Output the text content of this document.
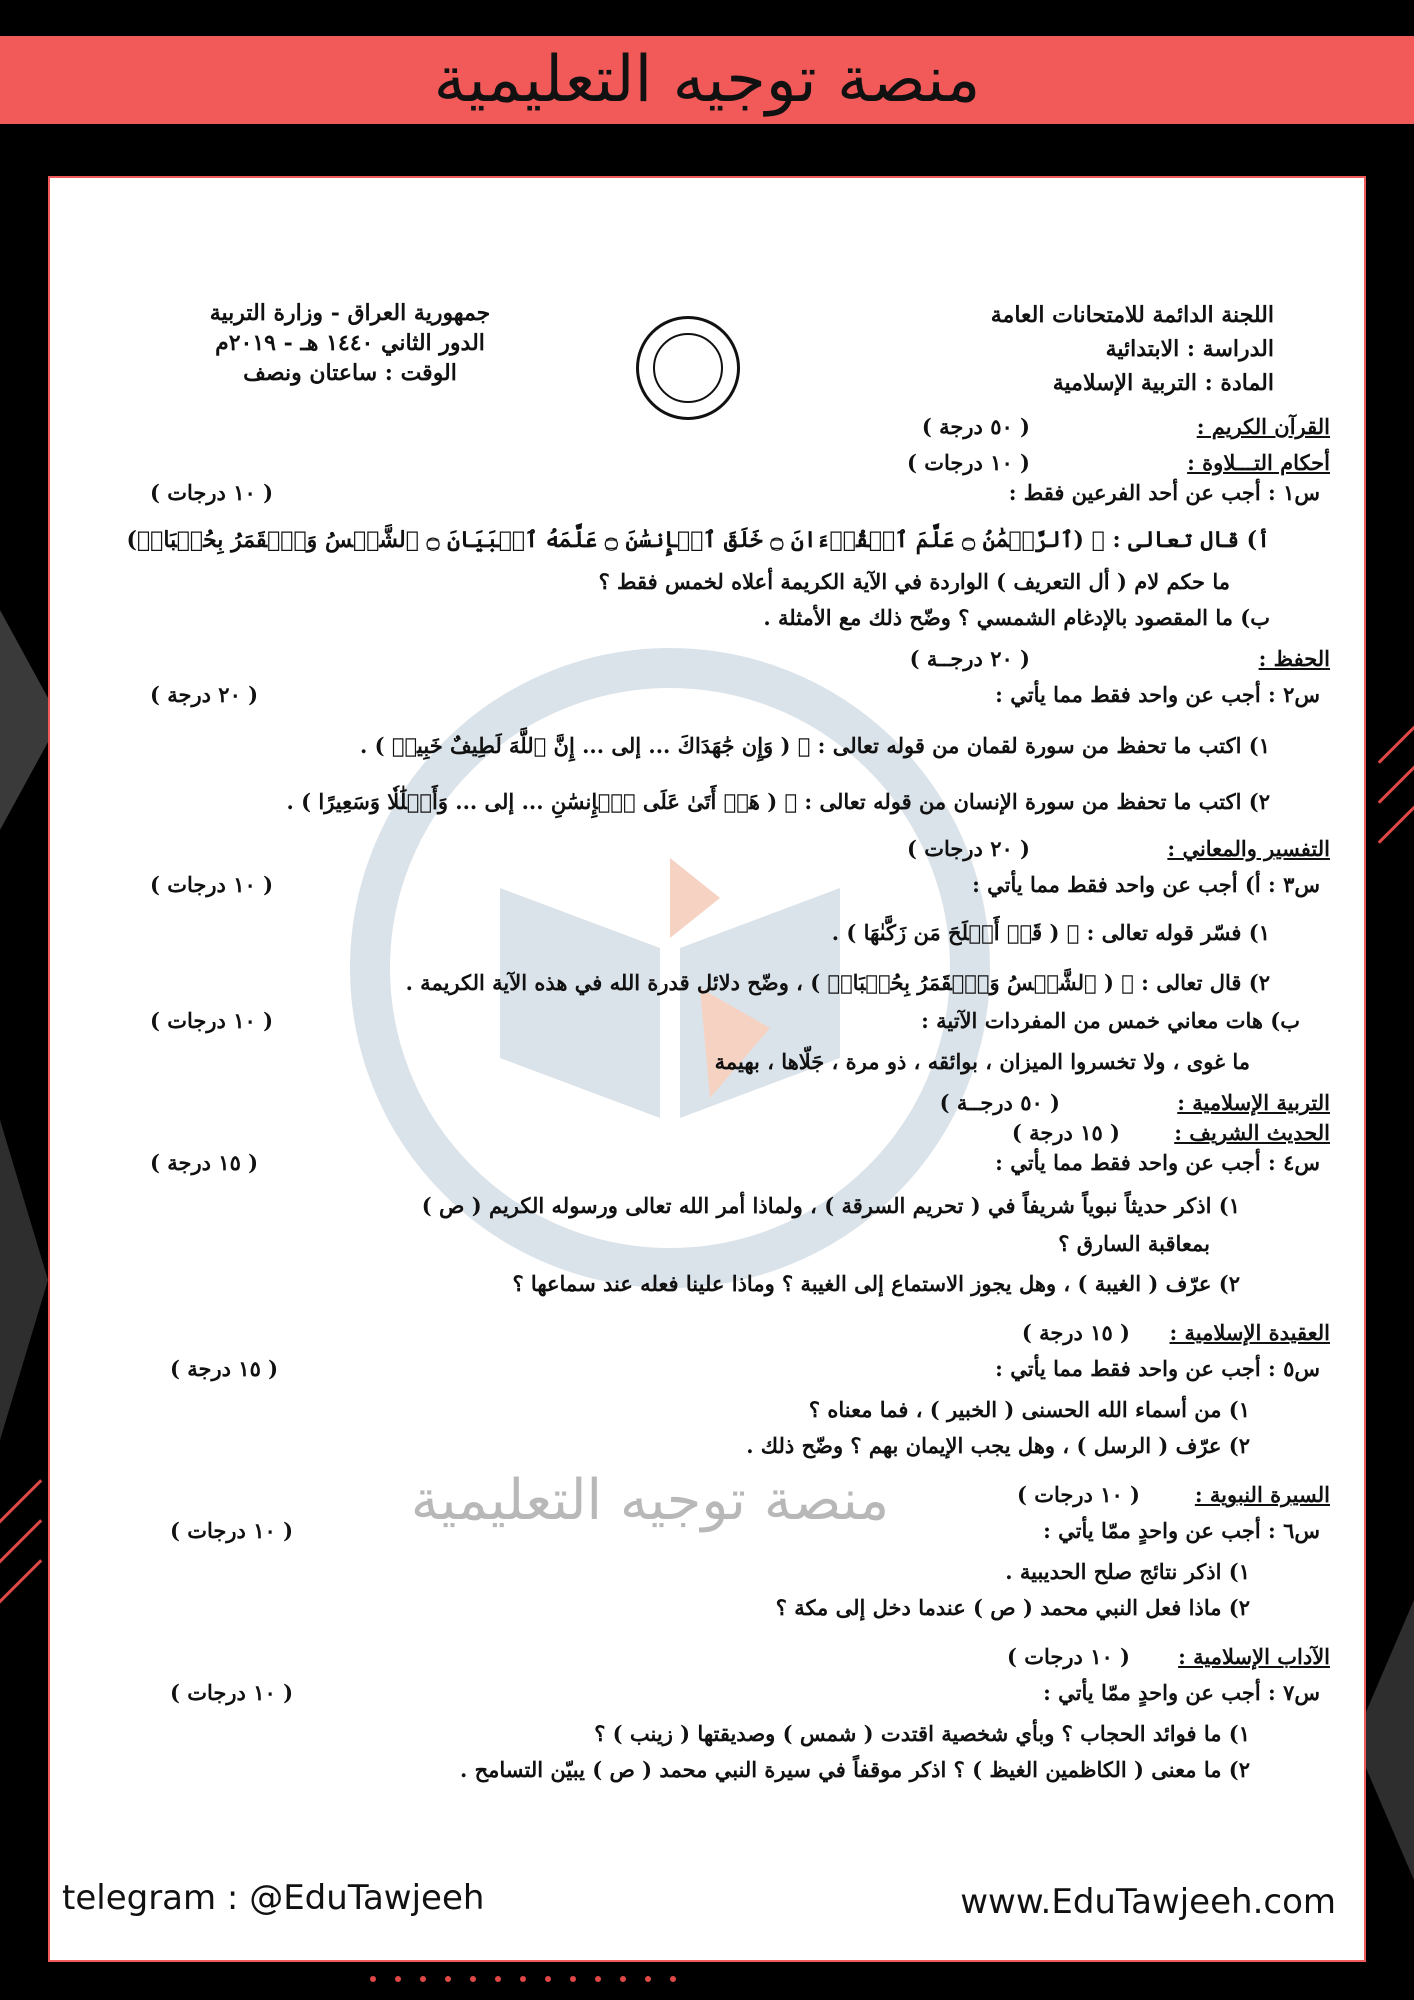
منصة توجيه التعليمية
منصة توجيه التعليمية
اللجنة الدائمة للامتحانات العامة
الدراسة : الابتدائية
المادة : التربية الإسلامية
جمهورية العراق - وزارة التربية
الدور الثاني ١٤٤٠ هـ - ٢٠١٩م
الوقت : ساعتان ونصف
القرآن الكريم :
( ٥٠ درجة )
أحكام التـــلاوة :
( ١٠ درجات )
س١ : أجب عن أحد الفرعين فقط :
( ١٠ درجات )
أ) قال تعالى : ﷽ (ٱلرَّحۡمَٰنُ ۝ عَلَّمَ ٱلۡقُرۡءَانَ ۝ خَلَقَ ٱلۡإِنسَٰنَ ۝ عَلَّمَهُ ٱلۡبَيَانَ ۝ ٱلشَّمۡسُ وَٱلۡقَمَرُ بِحُسۡبَانٖ)
ما حكم لام ( أل التعريف ) الواردة في الآية الكريمة أعلاه لخمس فقط ؟
ب) ما المقصود بالإدغام الشمسي ؟ وضّح ذلك مع الأمثلة .
الحفظ :
( ٢٠ درجــة )
س٢ : أجب عن واحد فقط مما يأتي :
( ٢٠ درجة )
١) اكتب ما تحفظ من سورة لقمان من قوله تعالى : ﷽ ( وَإِن جَٰهَدَاكَ ... إلى ... إِنَّ ٱللَّهَ لَطِيفٌ خَبِيرٞ ) .
٢) اكتب ما تحفظ من سورة الإنسان من قوله تعالى : ﷽ ( هَلۡ أَتَىٰ عَلَى ٱلۡإِنسَٰنِ ... إلى ... وَأَغۡلَٰلٗا وَسَعِيرًا ) .
التفسير والمعاني :
( ٢٠ درجات )
س٣ : أ) أجب عن واحد فقط مما يأتي :
( ١٠ درجات )
١) فسّر قوله تعالى : ﷽ ( قَدۡ أَفۡلَحَ مَن زَكَّىٰهَا ) .
٢) قال تعالى : ﷽ ( ٱلشَّمۡسُ وَٱلۡقَمَرُ بِحُسۡبَانٖ ) ، وضّح دلائل قدرة الله في هذه الآية الكريمة .
ب) هات معاني خمس من المفردات الآتية :
( ١٠ درجات )
ما غوى ، ولا تخسروا الميزان ، بوائقه ، ذو مرة ، جَلّاها ، بهيمة
التربية الإسلامية :
( ٥٠ درجــة )
الحديث الشريف :
( ١٥ درجة )
س٤ : أجب عن واحد فقط مما يأتي :
( ١٥ درجة )
١) اذكر حديثاً نبوياً شريفاً في ( تحريم السرقة ) ، ولماذا أمر الله تعالى ورسوله الكريم ( ص )
بمعاقبة السارق ؟
٢) عرّف ( الغيبة ) ، وهل يجوز الاستماع إلى الغيبة ؟ وماذا علينا فعله عند سماعها ؟
العقيدة الإسلامية :
( ١٥ درجة )
س٥ : أجب عن واحد فقط مما يأتي :
( ١٥ درجة )
١) من أسماء الله الحسنى ( الخبير ) ، فما معناه ؟
٢) عرّف ( الرسل ) ، وهل يجب الإيمان بهم ؟ وضّح ذلك .
السيرة النبوية :
( ١٠ درجات )
س٦ : أجب عن واحدٍ ممّا يأتي :
( ١٠ درجات )
١) اذكر نتائج صلح الحديبية .
٢) ماذا فعل النبي محمد ( ص ) عندما دخل إلى مكة ؟
الآداب الإسلامية :
( ١٠ درجات )
س٧ : أجب عن واحدٍ ممّا يأتي :
( ١٠ درجات )
١) ما فوائد الحجاب ؟ وبأي شخصية اقتدت ( شمس ) وصديقتها ( زينب ) ؟
٢) ما معنى ( الكاظمين الغيظ ) ؟ اذكر موقفاً في سيرة النبي محمد ( ص ) يبيّن التسامح .
telegram : @EduTawjeeh	www.EduTawjeeh.com
